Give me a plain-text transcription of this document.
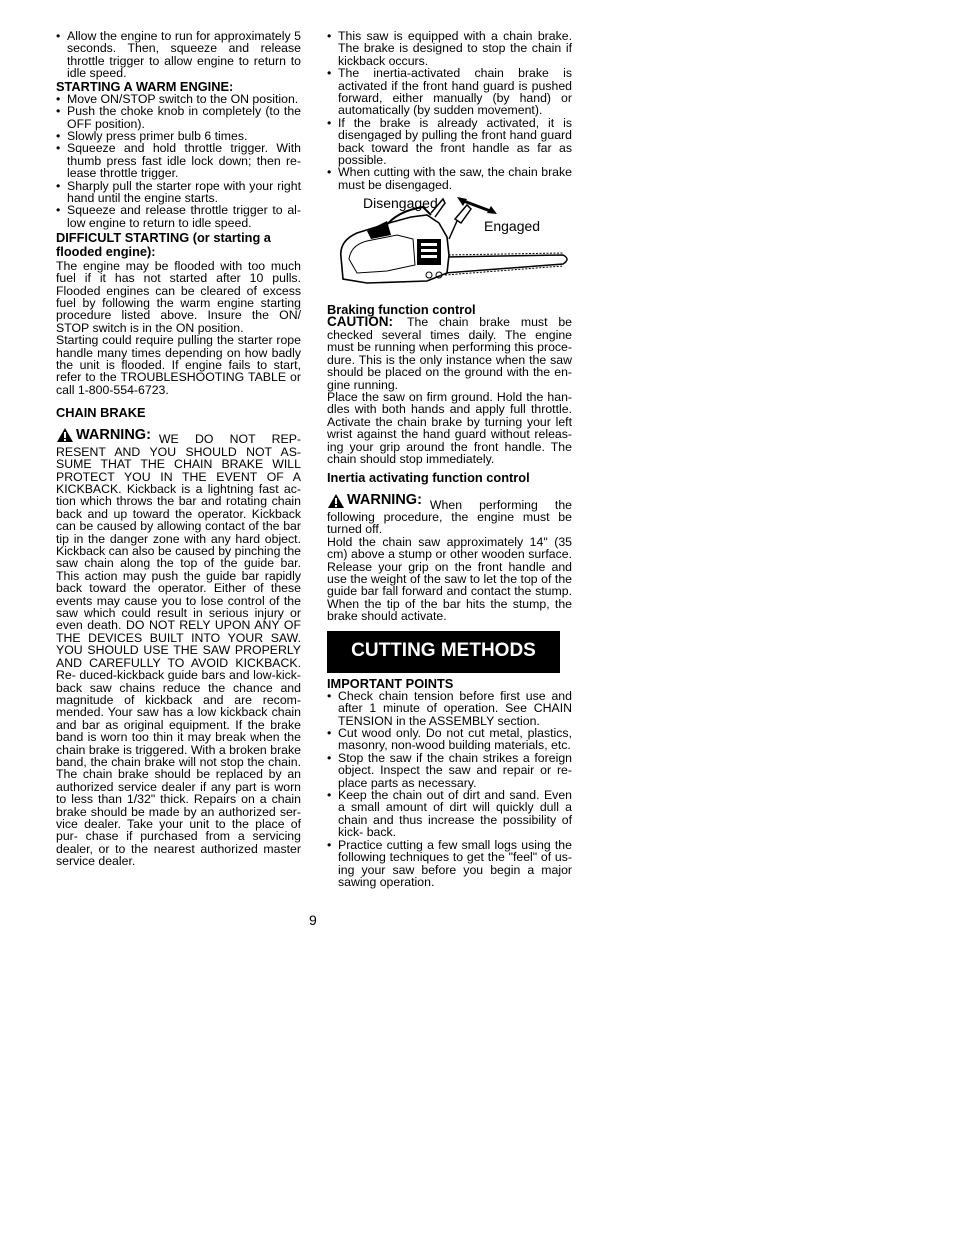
• Allow the engine to run for approximately 5 seconds. Then, squeeze and release throttle trigger to allow engine to return to idle speed.
STARTING A WARM ENGINE:
• Move ON/STOP switch to the ON position.
• Push the choke knob in completely (to the OFF position).
• Slowly press primer bulb 6 times.
• Squeeze and hold throttle trigger. With thumb press fast idle lock down; then re- lease throttle trigger.
• Sharply pull the starter rope with your right hand until the engine starts.
• Squeeze and release throttle trigger to al- low engine to return to idle speed.
DIFFICULT STARTING (or starting a flooded engine):

The engine may be flooded with too much fuel if it has not started after 10 pulls. Flooded engines can be cleared of excess fuel by following the warm engine starting procedure listed above. Insure the ON/ STOP switch is in the ON position.

Starting could require pulling the starter rope handle many times depending on how badly the unit is flooded. If engine fails to start, refer to the TROUBLESHOOTING TABLE or call 1-800-554-6723.

CHAIN BRAKE

WARNING: WE DO NOT REP- RESENT AND YOU SHOULD NOT AS- SUME THAT THE CHAIN BRAKE WILL PROTECT YOU IN THE EVENT OF A KICKBACK. Kickback is a lightning fast ac- tion which throws the bar and rotating chain back and up toward the operator. Kickback can be caused by allowing contact of the bar tip in the danger zone with any hard object. Kickback can also be caused by pinching the saw chain along the top of the guide bar. This action may push the guide bar rapidly back toward the operator. Either of these events may cause you to lose control of the saw which could result in serious injury or even death. DO NOT RELY UPON ANY OF THE DEVICES BUILT INTO YOUR SAW. YOU SHOULD USE THE SAW PROPERLY AND CAREFULLY TO AVOID KICKBACK. Re- duced-kickback guide bars and low-kick- back saw chains reduce the chance and magnitude of kickback and are recom- mended. Your saw has a low kickback chain and bar as original equipment. If the brake band is worn too thin it may break when the chain brake is triggered. With a broken brake band, the chain brake will not stop the chain. The chain brake should be replaced by an authorized service dealer if any part is worn to less than 1/32" thick. Repairs on a chain brake should be made by an authorized ser- vice dealer. Take your unit to the place of pur- chase if purchased from a servicing dealer, or to the nearest authorized master service dealer.

• This saw is equipped with a chain brake. The brake is designed to stop the chain if kickback occurs.
• The inertia-activated chain brake is activated if the front hand guard is pushed forward, either manually (by hand) or automatically (by sudden movement).
• If the brake is already activated, it is disengaged by pulling the front hand guard back toward the front handle as far as possible.
• When cutting with the saw, the chain brake must be disengaged.
Disengaged
Engaged
Braking function control

CAUTION: The chain brake must be checked several times daily. The engine must be running when performing this proce- dure. This is the only instance when the saw should be placed on the ground with the en- gine running.

Place the saw on firm ground. Hold the han- dles with both hands and apply full throttle. Activate the chain brake by turning your left wrist against the hand guard without releas- ing your grip around the front handle. The chain should stop immediately.

Inertia activating function control

WARNING: When performing the following procedure, the engine must be turned off.

Hold the chain saw approximately 14" (35 cm) above a stump or other wooden surface. Release your grip on the front handle and use the weight of the saw to let the top of the guide bar fall forward and contact the stump. When the tip of the bar hits the stump, the brake should activate.

CUTTING METHODS
IMPORTANT POINTS
• Check chain tension before first use and after 1 minute of operation. See CHAIN TENSION in the ASSEMBLY section.
• Cut wood only. Do not cut metal, plastics, masonry, non-wood building materials, etc.
• Stop the saw if the chain strikes a foreign object. Inspect the saw and repair or re- place parts as necessary.
• Keep the chain out of dirt and sand. Even a small amount of dirt will quickly dull a chain and thus increase the possibility of kick- back.
• Practice cutting a few small logs using the following techniques to get the "feel" of us- ing your saw before you begin a major sawing operation.
9
